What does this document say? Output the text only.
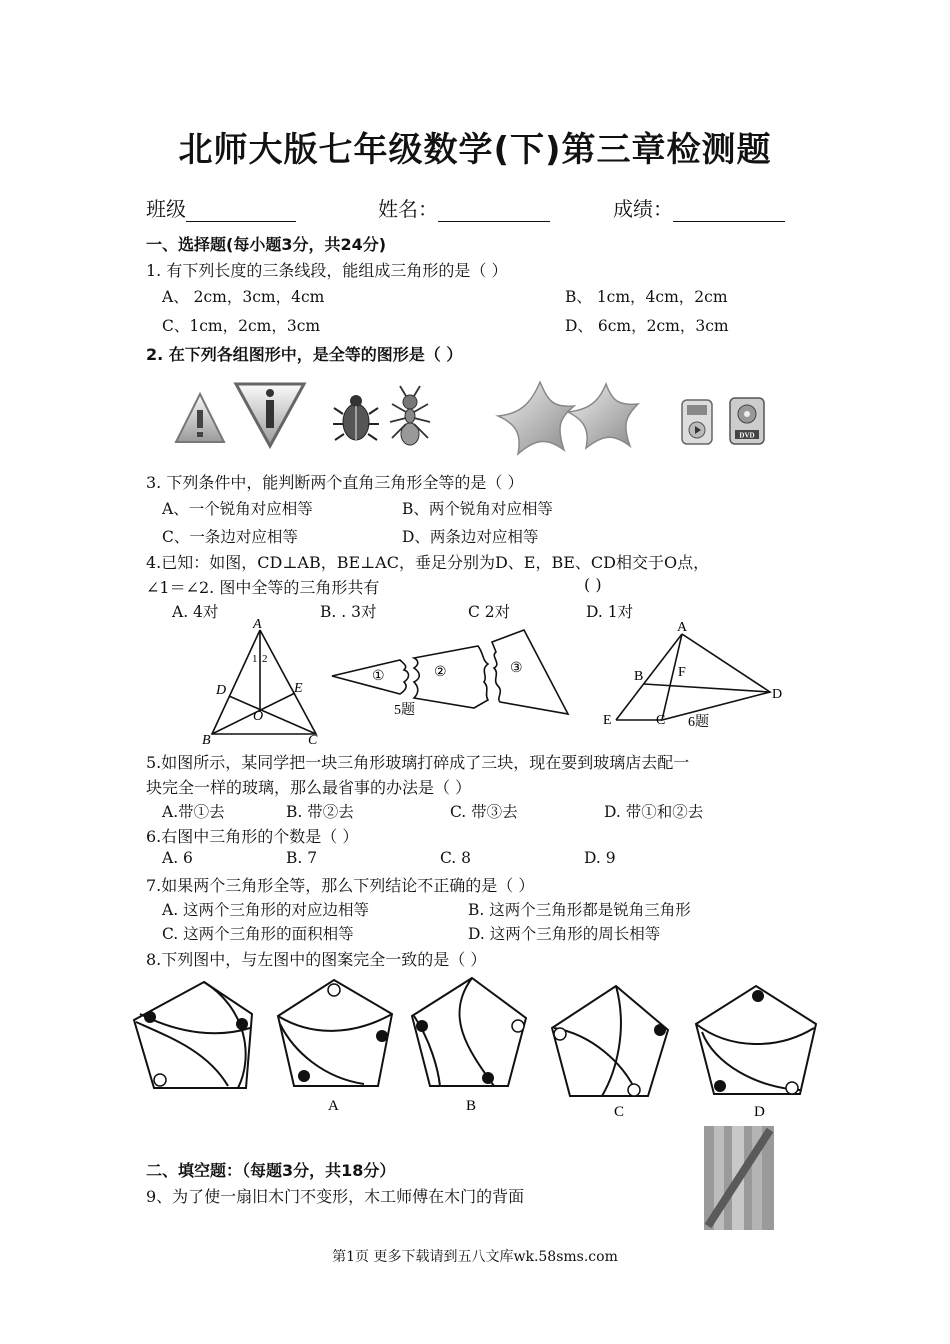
北师大版七年级数学(下)第三章检测题
班级	姓名：	成绩：
一、选择题(每小题3分，共24分)
1. 有下列长度的三条线段，能组成三角形的是（ ）
A、 2cm，3cm，4cm	B、 1cm，4cm，2cm
C、1cm，2cm，3cm	D、 6cm，2cm，3cm
2. 在下列各组图形中，是全等的图形是（ ）
DVD
3. 下列条件中，能判断两个直角三角形全等的是（ ）
A、一个锐角对应相等	B、两个锐角对应相等
C、一条边对应相等	D、两条边对应相等
4.已知：如图，CD⊥AB，BE⊥AC，垂足分别为D、E，BE、CD相交于O点，
∠1＝∠2. 图中全等的三角形共有	( )
A. 4对	B. . 3对	C 2对	D. 1对
A
1 2
D	E
O
B	C
①	②	③
5题
A
B F
D
E	C 6题
5.如图所示，某同学把一块三角形玻璃打碎成了三块，现在要到玻璃店去配一
块完全一样的玻璃，那么最省事的办法是（ ）
A.带①去	B. 带②去	C. 带③去	D. 带①和②去
6.右图中三角形的个数是（ ）
A. 6	B. 7	C. 8	D. 9
7.如果两个三角形全等，那么下列结论不正确的是（ ）
A. 这两个三角形的对应边相等	B. 这两个三角形都是锐角三角形
C. 这两个三角形的面积相等	D. 这两个三角形的周长相等
8.下列图中，与左图中的图案完全一致的是（ ）
A	B	C	D
二、填空题：（每题3分，共18分）
9、为了使一扇旧木门不变形，木工师傅在木门的背面
第1页 更多下载请到五八文库wk.58sms.com
